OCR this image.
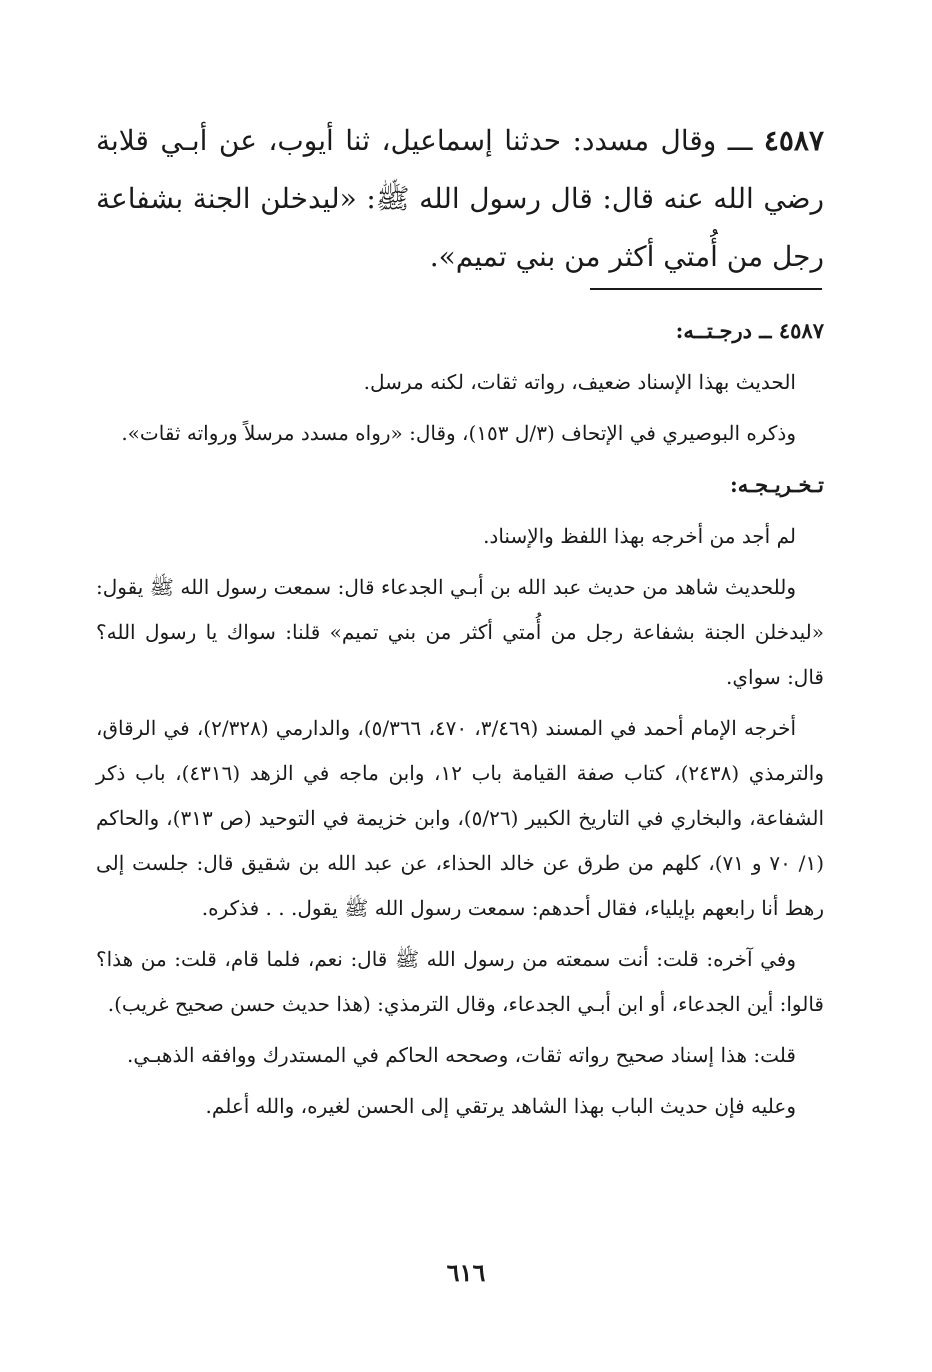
٤٥٨٧ ـــ وقال مسدد: حدثنا إسماعيل، ثنا أيوب، عن أبـي قلابة رضي الله عنه قال: قال رسول الله ﷺ: «ليدخلن الجنة بشفاعة رجل من أُمتي أكثر من بني تميم».

٤٥٨٧ ــ درجـتــه:

الحديث بهذا الإسناد ضعيف، رواته ثقات، لكنه مرسل.

وذكره البوصيري في الإتحاف (٣/ل ١٥٣)، وقال: «رواه مسدد مرسلاً ورواته ثقات».

تـخـريـجـه:

لم أجد من أخرجه بهذا اللفظ والإسناد.

وللحديث شاهد من حديث عبد الله بن أبـي الجدعاء قال: سمعت رسول الله ﷺ يقول: «ليدخلن الجنة بشفاعة رجل من أُمتي أكثر من بني تميم» قلنا: سواك يا رسول الله؟ قال: سواي.

أخرجه الإمام أحمد في المسند (٣/٤٦٩، ٤٧٠، ٥/٣٦٦)، والدارمي (٢/٣٢٨)، في الرقاق، والترمذي (٢٤٣٨)، كتاب صفة القيامة باب ١٢، وابن ماجه في الزهد (٤٣١٦)، باب ذكر الشفاعة، والبخاري في التاريخ الكبير (٥/٢٦)، وابن خزيمة في التوحيد (ص ٣١٣)، والحاكم (١/ ٧٠ و ٧١)، كلهم من طرق عن خالد الحذاء، عن عبد الله بن شقيق قال: جلست إلى رهط أنا رابعهم بإيلياء، فقال أحدهم: سمعت رسول الله ﷺ يقول. . . فذكره.

وفي آخره: قلت: أنت سمعته من رسول الله ﷺ قال: نعم، فلما قام، قلت: من هذا؟ قالوا: أين الجدعاء، أو ابن أبـي الجدعاء، وقال الترمذي: (هذا حديث حسن صحيح غريب).

قلت: هذا إسناد صحيح رواته ثقات، وصححه الحاكم في المستدرك ووافقه الذهبـي.

وعليه فإن حديث الباب بهذا الشاهد يرتقي إلى الحسن لغيره، والله أعلم.

٦١٦
